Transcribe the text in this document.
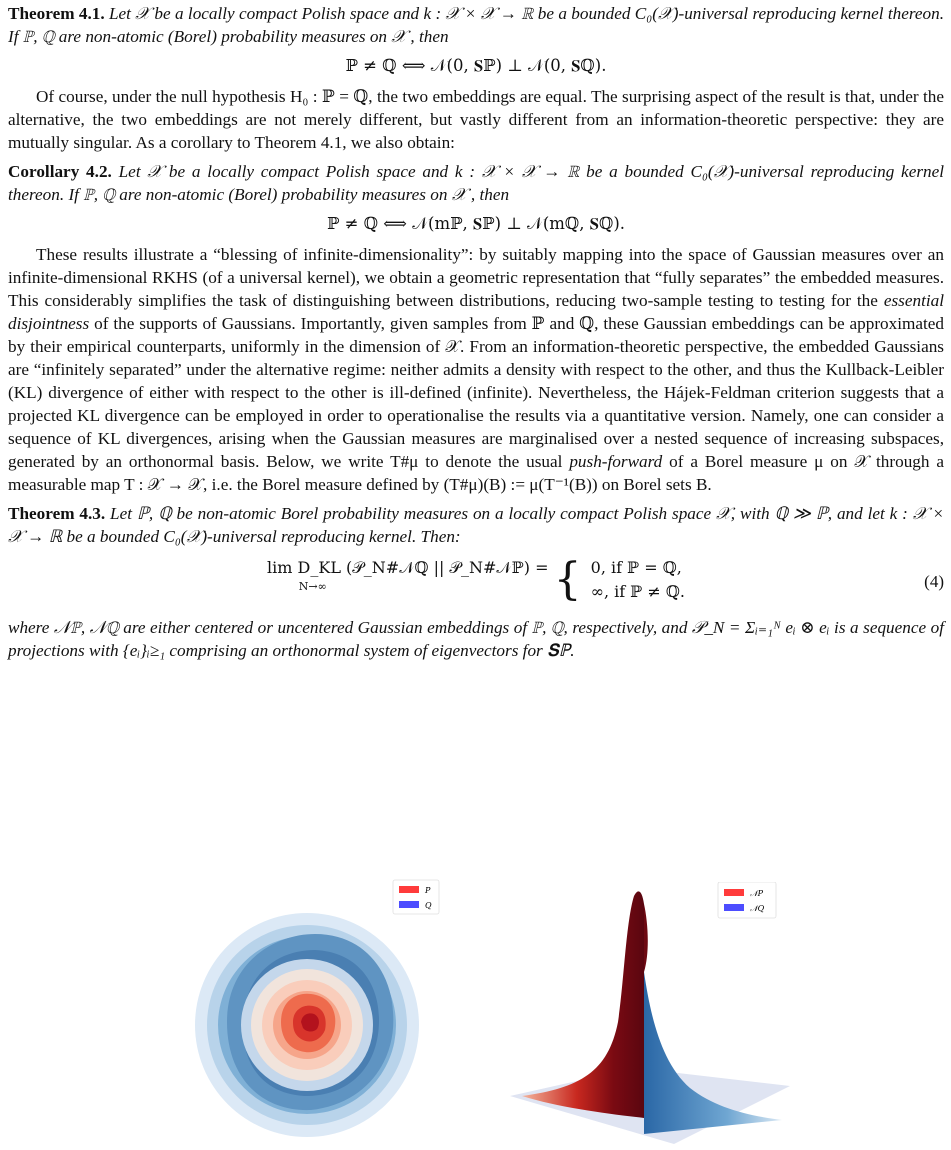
Theorem 4.1. Let 𝒳 be a locally compact Polish space and k : 𝒳 × 𝒳 → ℝ be a bounded C₀(𝒳)-universal reproducing kernel thereon. If ℙ, ℚ are non-atomic (Borel) probability measures on 𝒳 , then

ℙ ≠ ℚ ⟺ 𝒩(0, 𝐒ℙ) ⊥ 𝒩(0, 𝐒ℚ).

Of course, under the null hypothesis H₀ : ℙ = ℚ, the two embeddings are equal. The surprising aspect of the result is that, under the alternative, the two embeddings are not merely different, but vastly different from an information-theoretic perspective: they are mutually singular. As a corollary to Theorem 4.1, we also obtain:

Corollary 4.2. Let 𝒳 be a locally compact Polish space and k : 𝒳 × 𝒳 → ℝ be a bounded C₀(𝒳)-universal reproducing kernel thereon. If ℙ, ℚ are non-atomic (Borel) probability measures on 𝒳 , then

ℙ ≠ ℚ ⟺ 𝒩(mℙ, 𝐒ℙ) ⊥ 𝒩(mℚ, 𝐒ℚ).

These results illustrate a “blessing of infinite-dimensionality”: by suitably mapping into the space of Gaussian measures over an infinite-dimensional RKHS (of a universal kernel), we obtain a geometric representation that “fully separates” the embedded measures. This considerably simplifies the task of distinguishing between distributions, reducing two-sample testing to testing for the essential disjointness of the supports of Gaussians. Importantly, given samples from ℙ and ℚ, these Gaussian embeddings can be approximated by their empirical counterparts, uniformly in the dimension of 𝒳. From an information-theoretic perspective, the embedded Gaussians are “infinitely separated” under the alternative regime: neither admits a density with respect to the other, and thus the Kullback-Leibler (KL) divergence of either with respect to the other is ill-defined (infinite). Nevertheless, the Hájek-Feldman criterion suggests that a projected KL divergence can be employed in order to operationalise the results via a quantitative version. Namely, one can consider a sequence of KL divergences, arising when the Gaussian measures are marginalised over a nested sequence of increasing subspaces, generated by an orthonormal basis. Below, we write T#μ to denote the usual push-forward of a Borel measure μ on 𝒳 through a measurable map T : 𝒳 → 𝒳, i.e. the Borel measure defined by (T#μ)(B) := μ(T⁻¹(B)) on Borel sets B.

Theorem 4.3. Let ℙ, ℚ be non-atomic Borel probability measures on a locally compact Polish space 𝒳, with ℚ ≫ ℙ, and let k : 𝒳 × 𝒳 → ℝ be a bounded C₀(𝒳)-universal reproducing kernel. Then:

lim D_KL (𝒫_N#𝒩ℚ || 𝒫_N#𝒩ℙ) =
$^{N\to\infty}$	{ 0, if ℙ = ℚ,
∞, if ℙ ≠ ℚ.
(4)

where 𝒩ℙ, 𝒩ℚ are either centered or uncentered Gaussian embeddings of ℙ, ℚ, respectively, and 𝒫_N = Σᵢ₌₁ᴺ eᵢ ⊗ eᵢ is a sequence of projections with {eᵢ}ᵢ≥₁ comprising an orthonormal system of eigenvectors for 𝐒ℙ.

P
Q
𝒩P
𝒩Q
